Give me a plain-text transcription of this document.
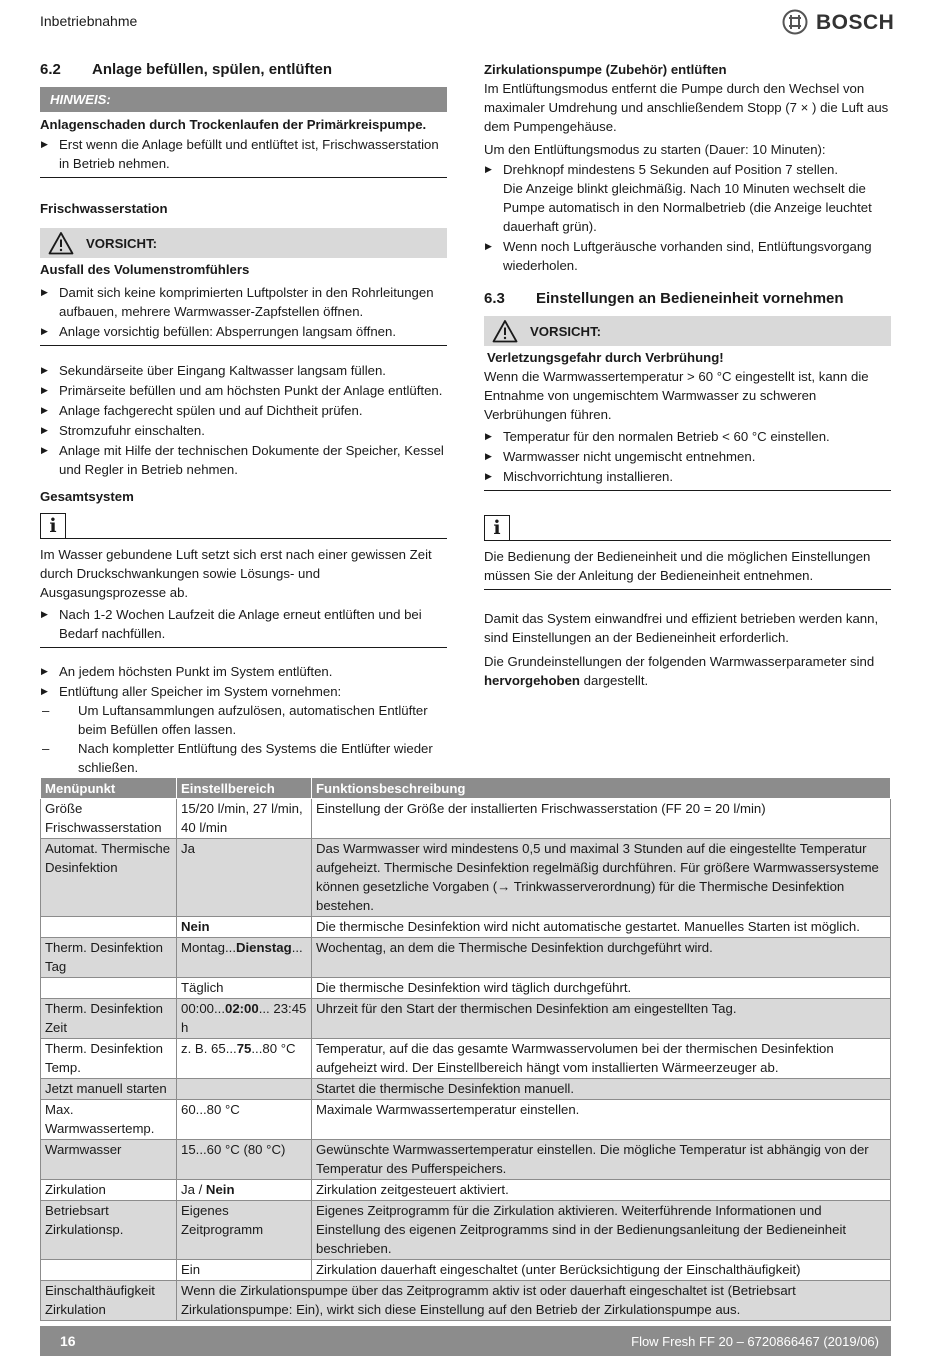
Inbetriebnahme	BOSCH
6.2	Anlage befüllen, spülen, entlüften
HINWEIS:
Anlagenschaden durch Trockenlaufen der Primärkreispumpe.
▶ Erst wenn die Anlage befüllt und entlüftet ist, Frischwasserstation in Betrieb nehmen.
Frischwasserstation
VORSICHT:
Ausfall des Volumenstromfühlers
▶ Damit sich keine komprimierten Luftpolster in den Rohrleitungen aufbauen, mehrere Warmwasser-Zapfstellen öffnen.
▶ Anlage vorsichtig befüllen: Absperrungen langsam öffnen.
▶ Sekundärseite über Eingang Kaltwasser langsam füllen.
▶ Primärseite befüllen und am höchsten Punkt der Anlage entlüften.
▶ Anlage fachgerecht spülen und auf Dichtheit prüfen.
▶ Stromzufuhr einschalten.
▶ Anlage mit Hilfe der technischen Dokumente der Speicher, Kessel und Regler in Betrieb nehmen.
Gesamtsystem
i

Im Wasser gebundene Luft setzt sich erst nach einer gewissen Zeit durch Druckschwankungen sowie Lösungs- und Ausgasungsprozesse ab.

▶ Nach 1-2 Wochen Laufzeit die Anlage erneut entlüften und bei Bedarf nachfüllen.
▶ An jedem höchsten Punkt im System entlüften.
▶ Entlüftung aller Speicher im System vornehmen:
– Um Luftansammlungen aufzulösen, automatischen Entlüfter beim Befüllen offen lassen.
– Nach kompletter Entlüftung des Systems die Entlüfter wieder schließen.
Zirkulationspumpe (Zubehör) entlüften

Im Entlüftungsmodus entfernt die Pumpe durch den Wechsel von maximaler Umdrehung und anschließendem Stopp (7 × ) die Luft aus dem Pumpengehäuse.

Um den Entlüftungsmodus zu starten (Dauer: 10 Minuten):

▶ Drehknopf mindestens 5 Sekunden auf Position 7 stellen.
Die Anzeige blinkt gleichmäßig. Nach 10 Minuten wechselt die Pumpe automatisch in den Normalbetrieb (die Anzeige leuchtet dauerhaft grün).
▶ Wenn noch Luftgeräusche vorhanden sind, Entlüftungsvorgang wiederholen.
6.3	Einstellungen an Bedieneinheit vornehmen
VORSICHT:
Verletzungsgefahr durch Verbrühung!

Wenn die Warmwassertemperatur > 60 °C eingestellt ist, kann die Entnahme von ungemischtem Warmwasser zu schweren Verbrühungen führen.

▶ Temperatur für den normalen Betrieb < 60 °C einstellen.
▶ Warmwasser nicht ungemischt entnehmen.
▶ Mischvorrichtung installieren.
i

Die Bedienung der Bedieneinheit und die möglichen Einstellungen müssen Sie der Anleitung der Bedieneinheit entnehmen.

Damit das System einwandfrei und effizient betrieben werden kann, sind Einstellungen an der Bedieneinheit erforderlich.

Die Grundeinstellungen der folgenden Warmwasserparameter sind hervorgehoben dargestellt.

Menüpunkt	Einstellbereich	Funktionsbeschreibung
Größe Frischwasserstation	15/20 l/min, 27 l/min, 40 l/min	Einstellung der Größe der installierten Frischwasserstation (FF 20 = 20 l/min)
Automat. Thermische Desinfektion	Ja	Das Warmwasser wird mindestens 0,5 und maximal 3 Stunden auf die eingestellte Temperatur aufgeheizt. Thermische Desinfektion regelmäßig durchführen. Für größere Warmwassersysteme können gesetzliche Vorgaben (→ Trinkwasserverordnung) für die Thermische Desinfektion bestehen.
	Nein	Die thermische Desinfektion wird nicht automatische gestartet. Manuelles Starten ist möglich.
Therm. Desinfektion Tag	Montag...Dienstag...	Wochentag, an dem die Thermische Desinfektion durchgeführt wird.
	Täglich	Die thermische Desinfektion wird täglich durchgeführt.
Therm. Desinfektion Zeit	00:00...02:00... 23:45 h	Uhrzeit für den Start der thermischen Desinfektion am eingestellten Tag.
Therm. Desinfektion Temp.	z. B. 65...75...80 °C	Temperatur, auf die das gesamte Warmwasservolumen bei der thermischen Desinfektion aufgeheizt wird. Der Einstellbereich hängt vom installierten Wärmeerzeuger ab.
Jetzt manuell starten		Startet die thermische Desinfektion manuell.
Max. Warmwassertemp.	60...80 °C	Maximale Warmwassertemperatur einstellen.
Warmwasser	15...60 °C (80 °C)	Gewünschte Warmwassertemperatur einstellen. Die mögliche Temperatur ist abhängig von der Temperatur des Pufferspeichers.
Zirkulation	Ja / Nein	Zirkulation zeitgesteuert aktiviert.
Betriebsart Zirkulationsp.	Eigenes Zeitprogramm	Eigenes Zeitprogramm für die Zirkulation aktivieren. Weiterführende Informationen und Einstellung des eigenen Zeitprogramms sind in der Bedienungsanleitung der Bedieneinheit beschrieben.
	Ein	Zirkulation dauerhaft eingeschaltet (unter Berücksichtigung der Einschalthäufigkeit)
Einschalthäufigkeit Zirkulation	Wenn die Zirkulationspumpe über das Zeitprogramm aktiv ist oder dauerhaft eingeschaltet ist (Betriebsart Zirkulationspumpe: Ein), wirkt sich diese Einstellung auf den Betrieb der Zirkulationspumpe aus.	
16	Flow Fresh FF 20 – 6720866467 (2019/06)
